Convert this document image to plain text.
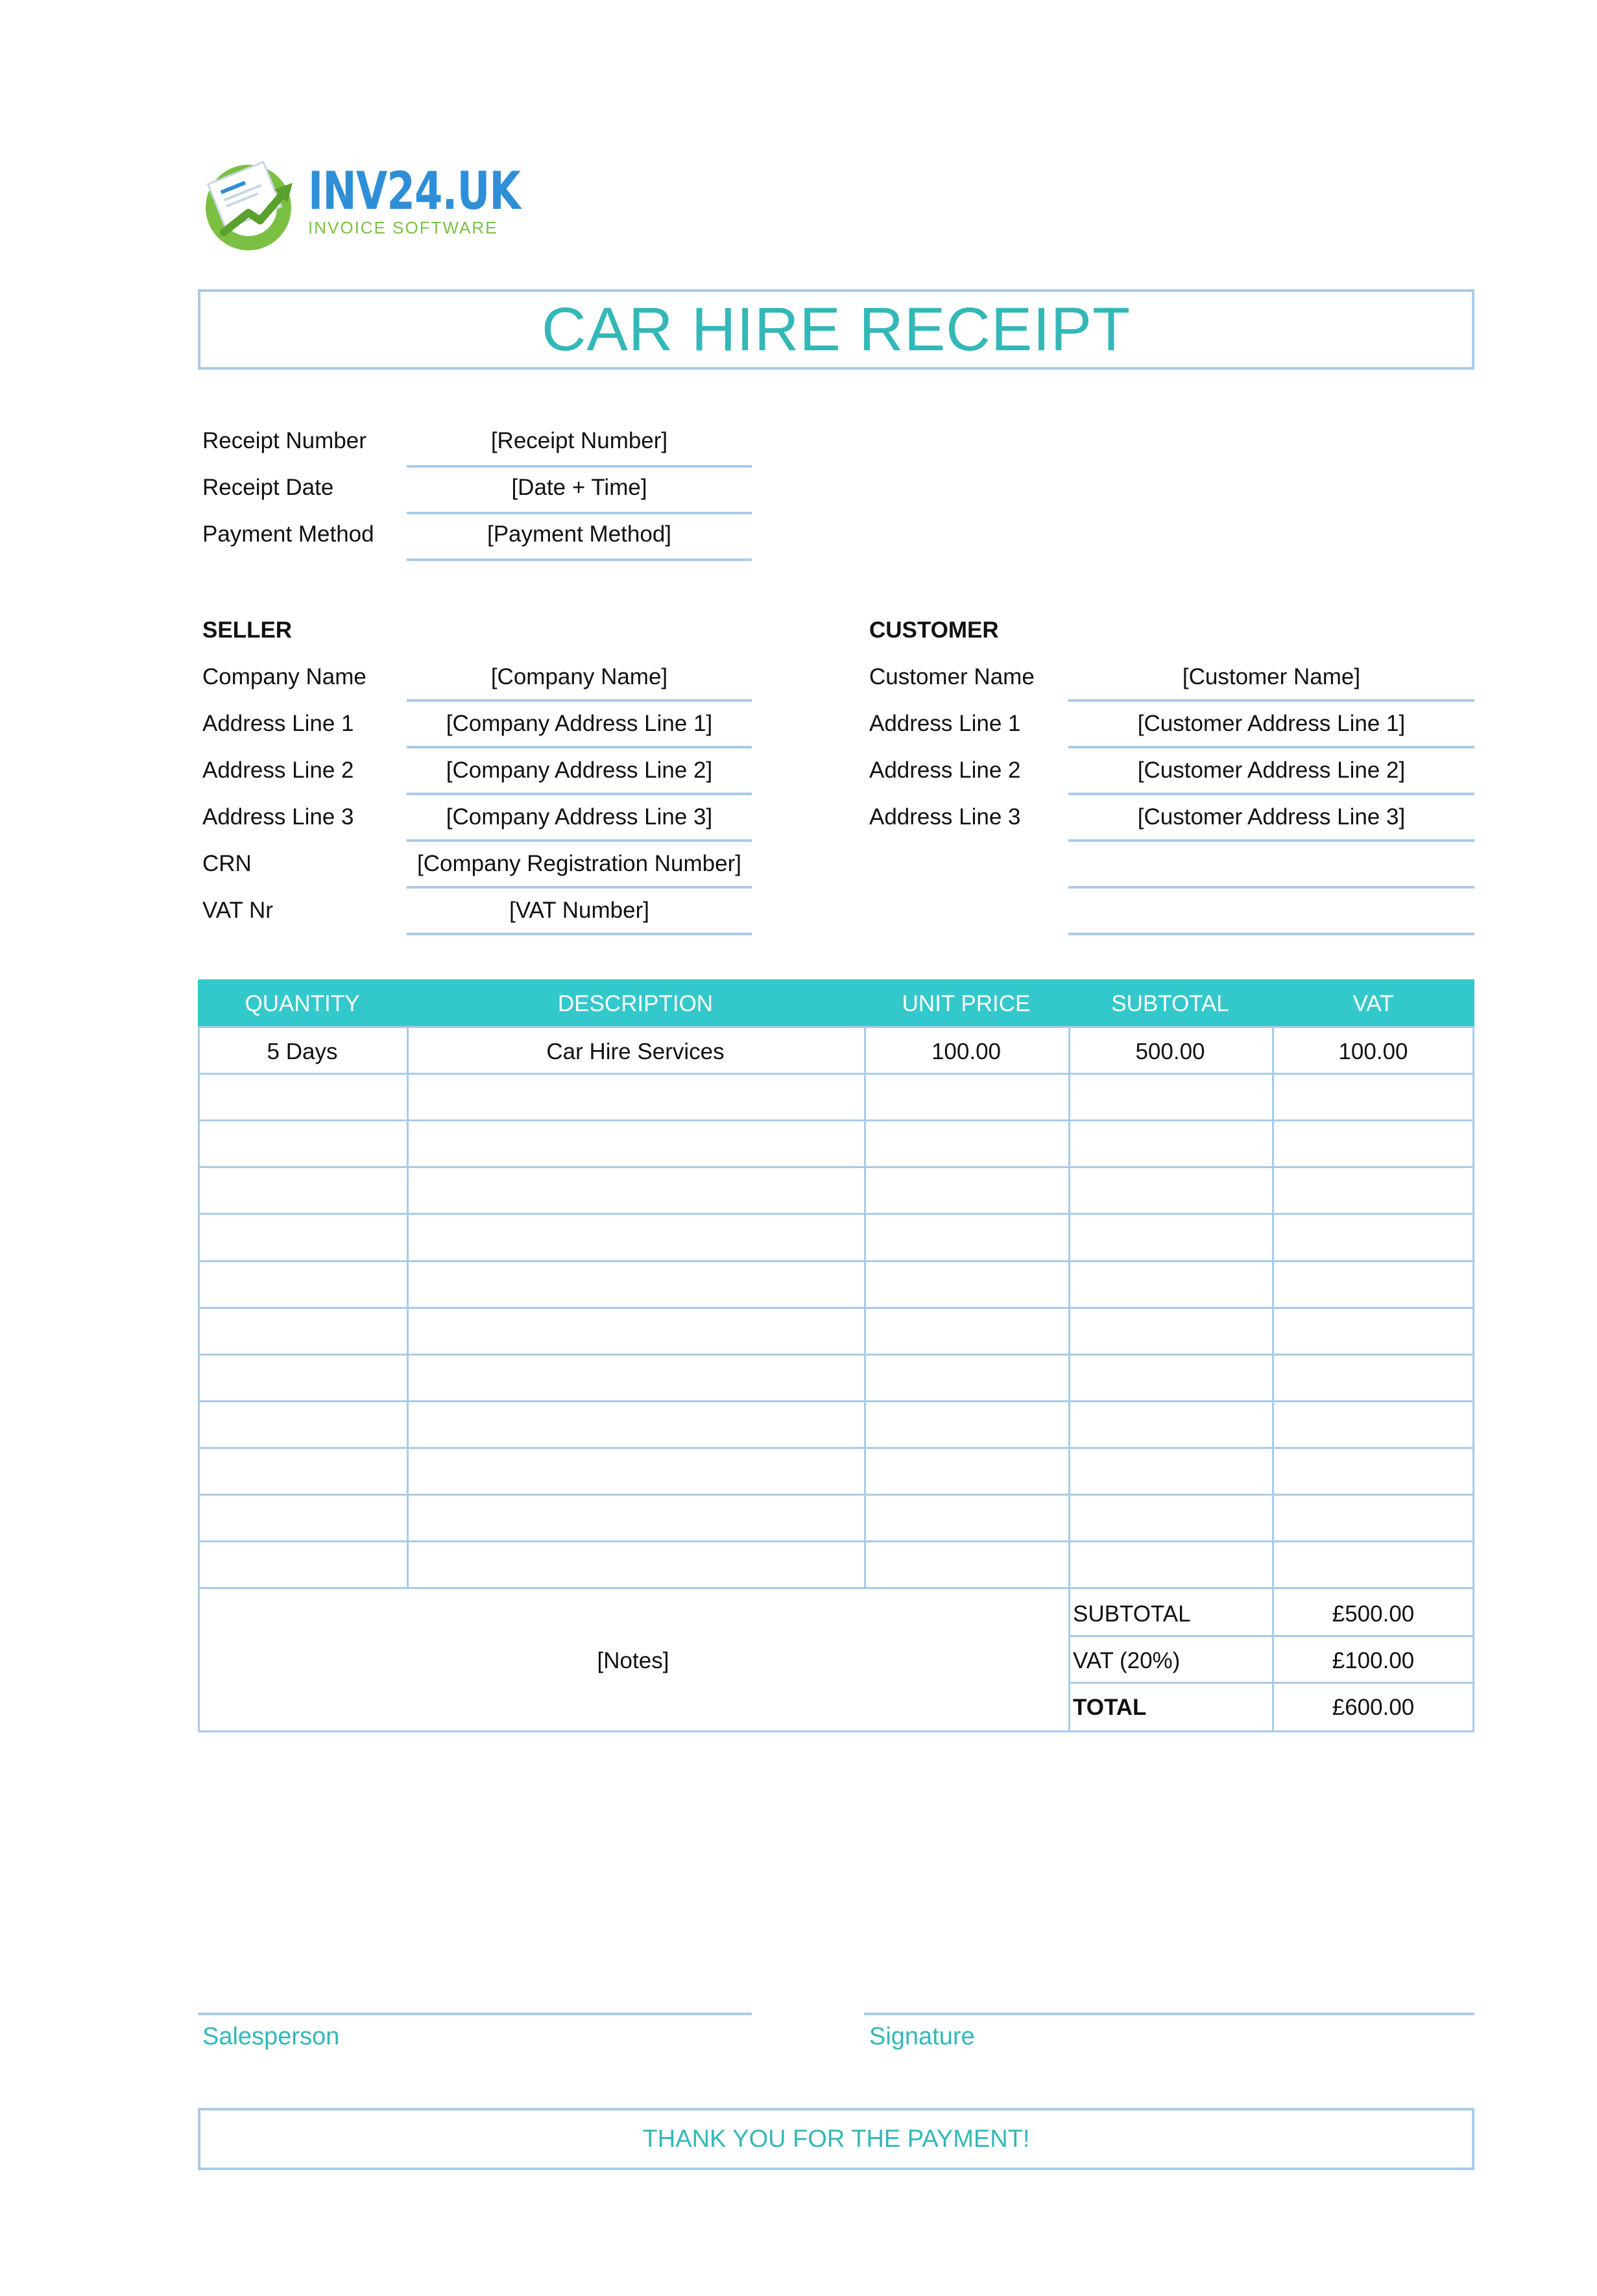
INV24.UK
INVOICE SOFTWARE
CAR HIRE RECEIPT
Receipt Number	[Receipt Number]
Receipt Date	[Date + Time]
Payment Method	[Payment Method]
SELLER
Company Name	[Company Name]
Address Line 1	[Company Address Line 1]
Address Line 2	[Company Address Line 2]
Address Line 3	[Company Address Line 3]
CRN	[Company Registration Number]
VAT Nr	[VAT Number]
CUSTOMER
Customer Name	[Customer Name]
Address Line 1	[Customer Address Line 1]
Address Line 2	[Customer Address Line 2]
Address Line 3	[Customer Address Line 3]
QUANTITY	DESCRIPTION	UNIT PRICE	SUBTOTAL	VAT
5 Days	Car Hire Services	100.00	500.00	100.00
[Notes]
SUBTOTAL	£500.00
VAT (20%)	£100.00
TOTAL	£600.00
Salesperson	Signature
THANK YOU FOR THE PAYMENT!
